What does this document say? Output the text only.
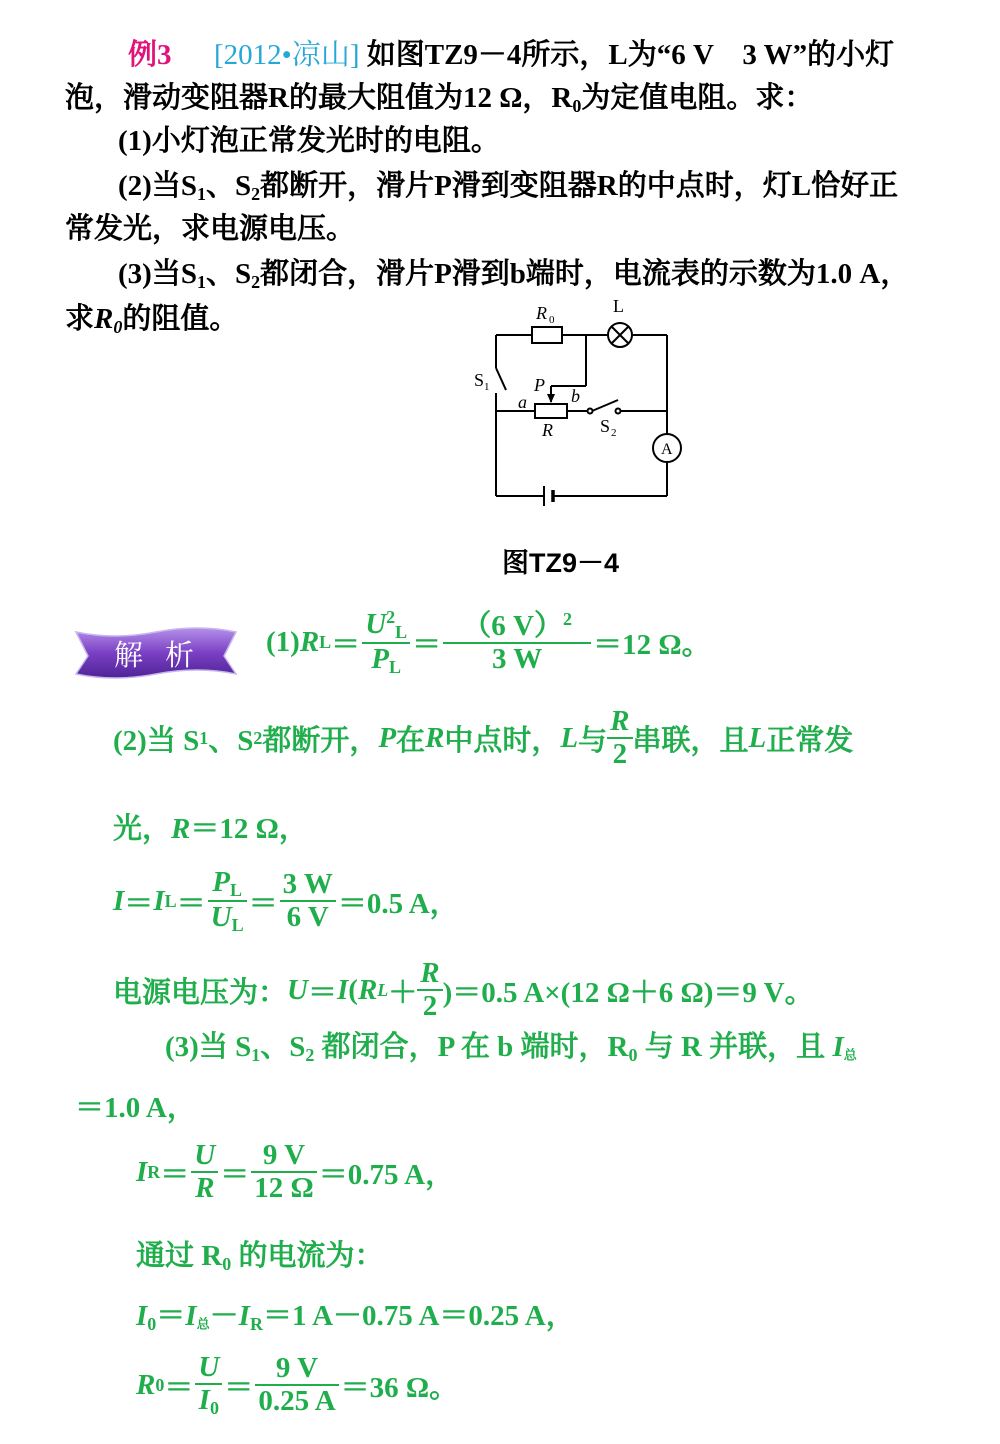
例3 [2012•凉山] 如图TZ9－4所示，L为“6 V　3 W”的小灯
泡，滑动变阻器R的最大阻值为12 Ω，$R_0$为定值电阻。求：
(1)小灯泡正常发光时的电阻。
(2)当$S_1$、$S_2$都断开，滑片P滑到变阻器R的中点时，灯L恰好正
常发光，求电源电压。
(3)当$S_1$、$S_2$都闭合，滑片P滑到b端时，电流表的示数为1.0 A，
求$R_0$的阻值。	R 0
L
S 1
a
P
b
R	S 2
A
图TZ9－4
解析	(1) R $L = \frac{U^2_L}{P_L} = \frac{(6 V)^2}{3 W} =12$ Ω。
(2)当 S 1 、S 2 都断开， P 在 R 中点时， L 与 $\frac{R}{2}$ 串联，且 L 正常发
光，R＝12 Ω，
I ＝ I $L = \frac{P_L}{U_L} = \frac{3 W}{6 V} =0.5$ A，
电源电压为： U ＝ I ( R $L + \frac{R}{2} )=0.5$ A×(12 Ω＋6 Ω)＝9 V。
(3)当 $S_1$、$S_2$ 都闭合，P 在 b 端时，$R_0$ 与 R 并联，且 $I_总$
＝1.0 A，
I $R = \frac{U}{R} = \frac{9 V}{12 \Omega} =0.75$ A，
通过 $R_0$ 的电流为：
$I_0=I_总-I_R=1$ A－0.75 A＝0.25 A，
R $0 = \frac{U}{I_0} = \frac{9 V}{0.25 A} =36$ Ω。
